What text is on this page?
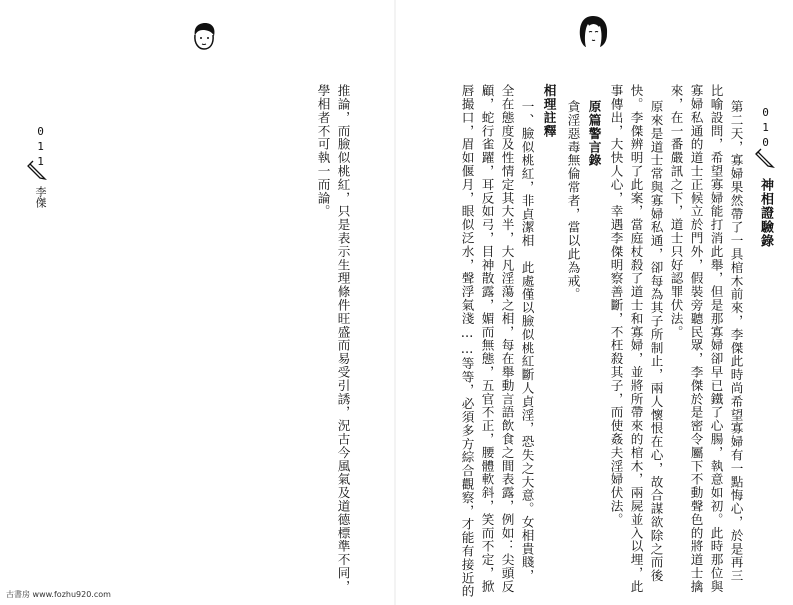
神相證驗錄
010
第二天，寡婦果然帶了一具棺木前來，李傑此時尚希望寡婦有一點悔心，於是再三
比喻設問，希望寡婦能打消此舉，但是那寡婦卻早已鐵了心腸，執意如初。此時那位與
寡婦私通的道士正候立於門外，假裝旁聽民眾，李傑於是密令屬下不動聲色的將道士擒
來，在一番嚴訊之下，道士只好認罪伏法。
原來是道士常與寡婦私通，卻每為其子所制止，兩人懷恨在心，故合謀欲除之而後
快。李傑辨明了此案，當庭杖殺了道士和寡婦，並將所帶來的棺木，兩屍並入以埋，此
事傳出，大快人心，幸遇李傑明察善斷，不枉殺其子，而使姦夫淫婦伏法。
原篇警言錄
貪淫惡毒無倫常者，當以此為戒。
相理註釋
一、臉似桃紅，非貞潔相　此處僅以臉似桃紅斷人貞淫，恐失之大意。女相貴賤，
全在態度及性情定其大半，大凡淫蕩之相，每在舉動言語飲食之間表露，例如：尖頭反
顧，蛇行雀躍，耳反如弓，目神散露，媚而無態，五官不正，腰體軟斜，笑而不定，掀
唇撮口，眉如偃月，眼似泛水，聲浮氣淺……等等，必須多方綜合觀察，才能有接近的
推論，而臉似桃紅，只是表示生理條件旺盛而易受引誘，況古今風氣及道德標準不同，
學相者不可執一而論。
011
李傑
古書房 www.fozhu920.com
